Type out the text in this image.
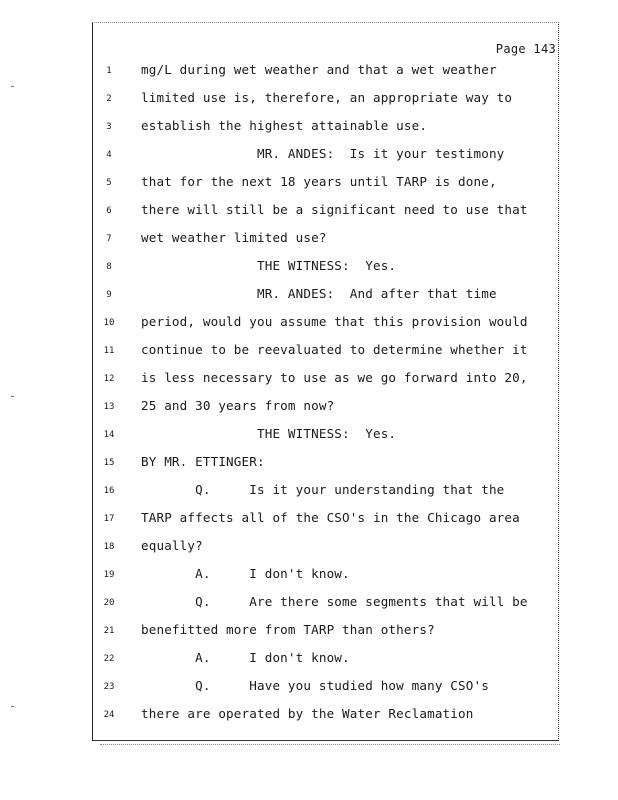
Page 143
1	mg/L during wet weather and that a wet weather
2	limited use is, therefore, an appropriate way to
3	establish the highest attainable use.
4	MR. ANDES:  Is it your testimony
5	that for the next 18 years until TARP is done,
6	there will still be a significant need to use that
7	wet weather limited use?
8	THE WITNESS:  Yes.
9	MR. ANDES:  And after that time
10	period, would you assume that this provision would
11	continue to be reevaluated to determine whether it
12	is less necessary to use as we go forward into 20,
13	25 and 30 years from now?
14	THE WITNESS:  Yes.
15	BY MR. ETTINGER:
16	Q.     Is it your understanding that the
17	TARP affects all of the CSO's in the Chicago area
18	equally?
19	A.     I don't know.
20	Q.     Are there some segments that will be
21	benefitted more from TARP than others?
22	A.     I don't know.
23	Q.     Have you studied how many CSO's
24	there are operated by the Water Reclamation
